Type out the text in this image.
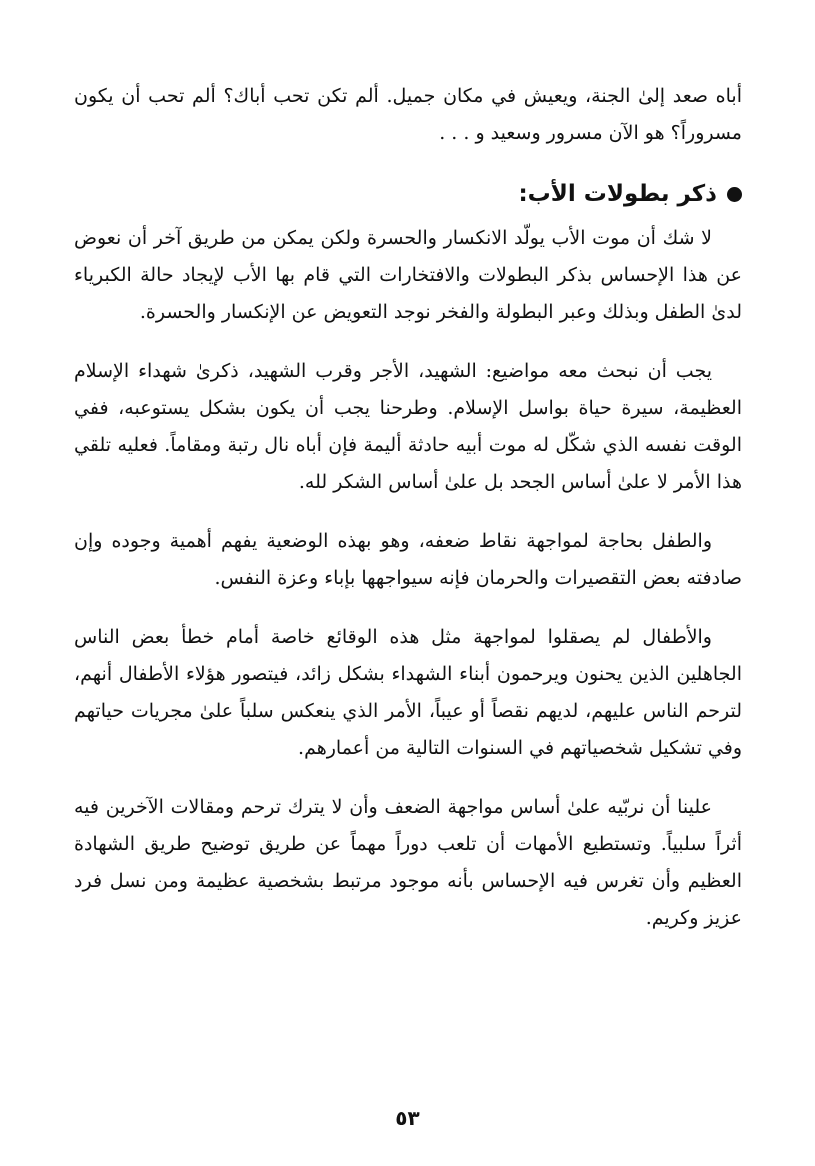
أباه صعد إلىٰ الجنة، ويعيش في مكان جميل. ألم تكن تحب أباك؟ ألم تحب أن يكون مسروراً؟ هو الآن مسرور وسعيد و . . .

ذكر بطولات الأب:

لا شك أن موت الأب يولّد الانكسار والحسرة ولكن يمكن من طريق آخر أن نعوض عن هذا الإحساس بذكر البطولات والافتخارات التي قام بها الأب لإيجاد حالة الكبرياء لدىٰ الطفل وبذلك وعبر البطولة والفخر نوجد التعويض عن الإنكسار والحسرة.

يجب أن نبحث معه مواضيع: الشهيد، الأجر وقرب الشهيد، ذكرىٰ شهداء الإسلام العظيمة، سيرة حياة بواسل الإسلام. وطرحنا يجب أن يكون بشكل يستوعبه، ففي الوقت نفسه الذي شكّل له موت أبيه حادثة أليمة فإن أباه نال رتبة ومقاماً. فعليه تلقي هذا الأمر لا علىٰ أساس الجحد بل علىٰ أساس الشكر لله.

والطفل بحاجة لمواجهة نقاط ضعفه، وهو بهذه الوضعية يفهم أهمية وجوده وإن صادفته بعض التقصيرات والحرمان فإنه سيواجهها بإباء وعزة النفس.

والأطفال لم يصقلوا لمواجهة مثل هذه الوقائع خاصة أمام خطأ بعض الناس الجاهلين الذين يحنون ويرحمون أبناء الشهداء بشكل زائد، فيتصور هؤلاء الأطفال أنهم، لترحم الناس عليهم، لديهم نقصاً أو عيباً، الأمر الذي ينعكس سلباً علىٰ مجريات حياتهم وفي تشكيل شخصياتهم في السنوات التالية من أعمارهم.

علينا أن نربّيه علىٰ أساس مواجهة الضعف وأن لا يترك ترحم ومقالات الآخرين فيه أثراً سلبياً. وتستطيع الأمهات أن تلعب دوراً مهماً عن طريق توضيح طريق الشهادة العظيم وأن تغرس فيه الإحساس بأنه موجود مرتبط بشخصية عظيمة ومن نسل فرد عزيز وكريم.

٥٣
